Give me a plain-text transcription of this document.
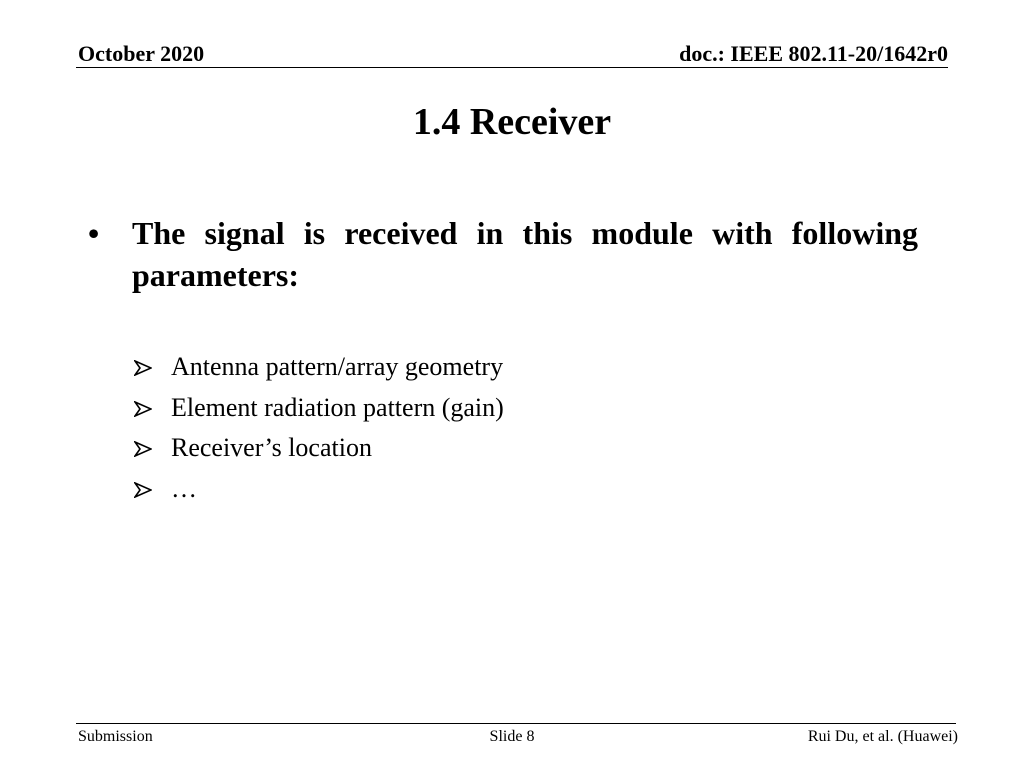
October 2020	doc.: IEEE 802.11-20/1642r0
1.4 Receiver
•	The signal is received in this module with following parameters:
Antenna pattern/array geometry
Element radiation pattern (gain)
Receiver’s location
…
Submission	Slide 8	Rui Du, et al. (Huawei)
